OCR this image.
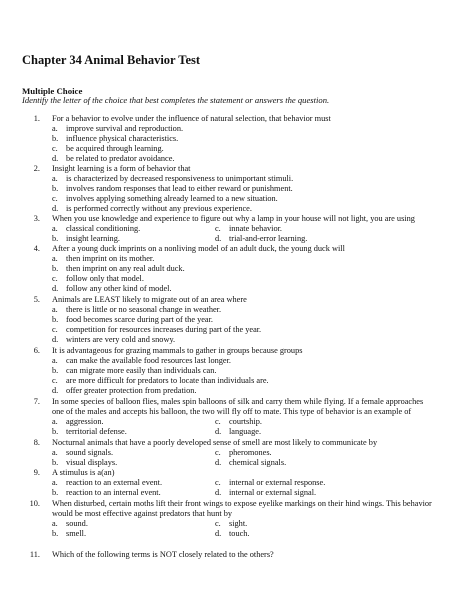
Chapter 34 Animal Behavior Test
Multiple Choice
Identify the letter of the choice that best completes the statement or answers the question.
1. For a behavior to evolve under the influence of natural selection, that behavior must
a. improve survival and reproduction.
b. influence physical characteristics.
c. be acquired through learning.
d. be related to predator avoidance.
2. Insight learning is a form of behavior that
a. is characterized by decreased responsiveness to unimportant stimuli.
b. involves random responses that lead to either reward or punishment.
c. involves applying something already learned to a new situation.
d. is performed correctly without any previous experience.
3. When you use knowledge and experience to figure out why a lamp in your house will not light, you are using
a. classical conditioning.
b. insight learning.
c. innate behavior.
d. trial-and-error learning.
4. After a young duck imprints on a nonliving model of an adult duck, the young duck will
a. then imprint on its mother.
b. then imprint on any real adult duck.
c. follow only that model.
d. follow any other kind of model.
5. Animals are LEAST likely to migrate out of an area where
a. there is little or no seasonal change in weather.
b. food becomes scarce during part of the year.
c. competition for resources increases during part of the year.
d. winters are very cold and snowy.
6. It is advantageous for grazing mammals to gather in groups because groups
a. can make the available food resources last longer.
b. can migrate more easily than individuals can.
c. are more difficult for predators to locate than individuals are.
d. offer greater protection from predation.
7. In some species of balloon flies, males spin balloons of silk and carry them while flying. If a female approaches
one of the males and accepts his balloon, the two will fly off to mate. This type of behavior is an example of
a. aggression.
b. territorial defense.
c. courtship.
d. language.
8. Nocturnal animals that have a poorly developed sense of smell are most likely to communicate by
a. sound signals.
b. visual displays.
c. pheromones.
d. chemical signals.
9. A stimulus is a(an)
a. reaction to an external event.
b. reaction to an internal event.
c. internal or external response.
d. internal or external signal.
10. When disturbed, certain moths lift their front wings to expose eyelike markings on their hind wings. This behavior
would be most effective against predators that hunt by
a. sound.
b. smell.
c. sight.
d. touch.
11. Which of the following terms is NOT closely related to the others?
